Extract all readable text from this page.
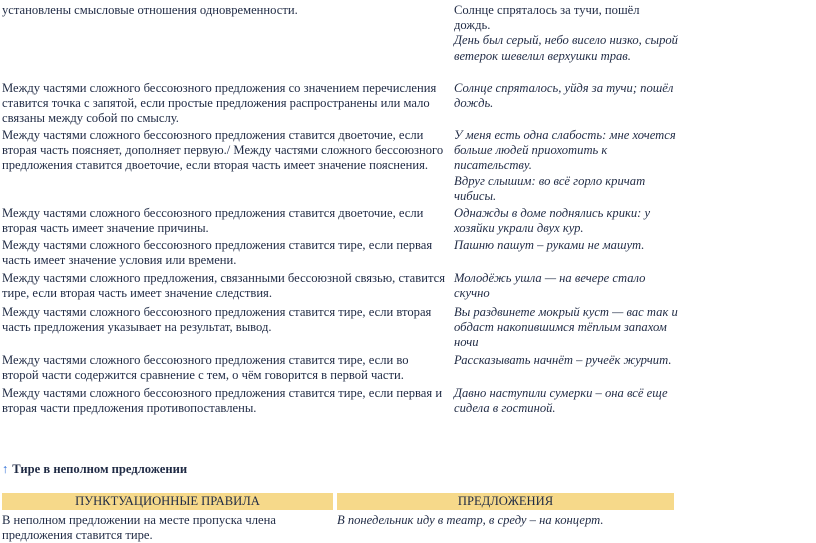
установлены смысловые отношения одновременности.	Солнце спряталось за тучи, пошёл дождь.
День был серый, небо висело низко, сырой ветерок шевелил верхушки трав.
Между частями сложного бессоюзного предложения со значением перечисления ставится точка с запятой, если простые предложения распространены или мало связаны между собой по смыслу.
Солнце спряталось, уйдя за тучи; пошёл дождь.
Между частями сложного бессоюзного предложения ставится двоеточие, если вторая часть поясняет, дополняет первую./ Между частями сложного бессоюзного предложения ставится двоеточие, если вторая часть имеет значение пояснения.
У меня есть одна слабость: мне хочется больше людей приохотить к писательству.
Вдруг слышим: во всё горло кричат чибисы.
Между частями сложного бессоюзного предложения ставится двоеточие, если вторая часть имеет значение причины.
Однажды в доме поднялись крики: у хозяйки украли двух кур.
Между частями сложного бессоюзного предложения ставится тире, если первая часть имеет значение условия или времени.
Пашню пашут – руками не машут.
Между частями сложного предложения, связанными бессоюзной связью, ставится тире, если вторая часть имеет значение следствия.
Молодёжь ушла — на вечере стало скучно
Между частями сложного бессоюзного предложения ставится тире, если вторая часть предложения указывает на результат, вывод.
Вы раздвинете мокрый куст — вас так и обдаст накопившимся тёплым запахом ночи
Между частями сложного бессоюзного предложения ставится тире, если во второй части содержится сравнение с тем, о чём говорится в первой части.
Рассказывать начнёт – ручеёк журчит.
Между частями сложного бессоюзного предложения ставится тире, если первая и вторая части предложения противопоставлены.
Давно наступили сумерки – она всё еще сидела в гостиной.
↑ Тире в неполном предложении
ПУНКТУАЦИОННЫЕ ПРАВИЛА	ПРЕДЛОЖЕНИЯ
В неполном предложении на месте пропуска члена предложения ставится тире.
В понедельник иду в театр, в среду – на концерт.
